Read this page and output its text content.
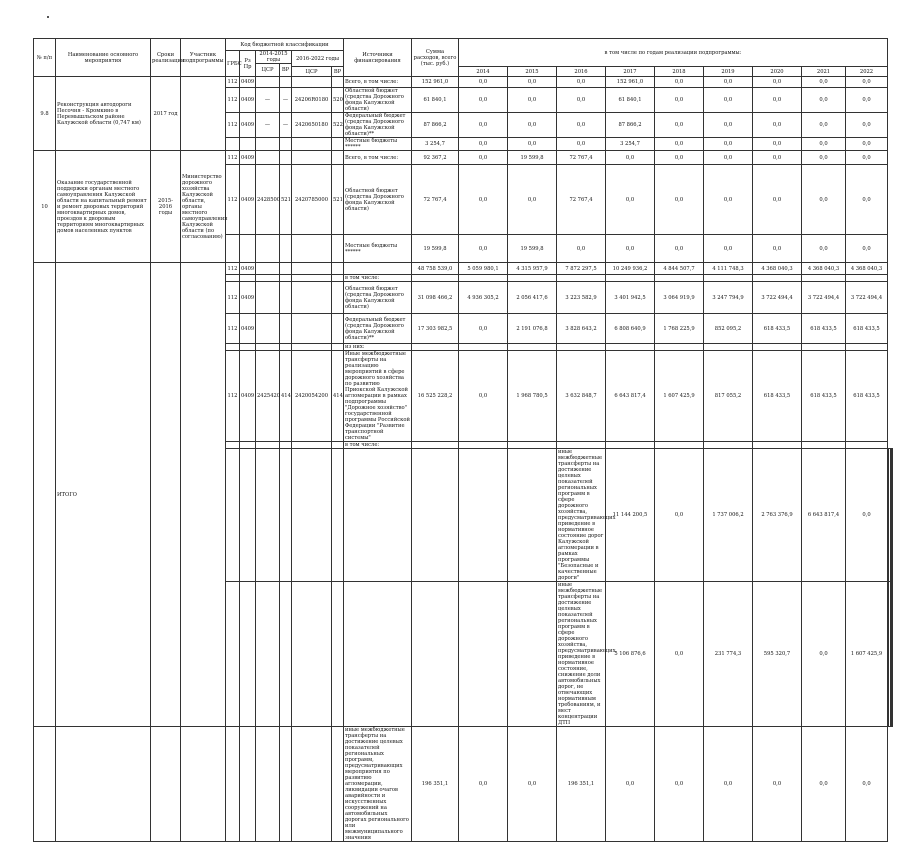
№ п/п	Наименование основного мероприятия	Сроки реализации	Участник подпрограммы	Код бюджетной классификации						Источники финансирования	Сумма расходов, всего (тыс. руб.)	в том числе по годам реализации подпрограммы:										
				ГРБС	Рз Пр	2014-2015 годы		2016-2022 годы														
						ЦСР	ВР															
								ЦСР	ВР			2014	2015	2016	2017	2018	2019	2020	2021	2022		
9.8	Реконструкция автодороги Песочня - Кромкино в Перемышльском районе Калужской области (0,747 км)	2017 год		112	0409					Всего, в том числе:	152 961,0	0,0	0,0	0,0	152 961,0	0,0	0,0	0,0	0,0	0,0		
				112	0409	—	—	24206R0180	520	Областной бюджет (средства Дорожного фонда Калужской области)	61 840,1	0,0	0,0	0,0	61 840,1	0,0	0,0	0,0	0,0	0,0		
				112	0409	—	—	2420650180	522	Федеральный бюджет (средства Дорожного фонда Калужской области)**	87 866,2	0,0	0,0	0,0	87 866,2	0,0	0,0	0,0	0,0	0,0		
										Местные бюджеты ******	3 254,7	0,0	0,0	0,0	3 254,7	0,0	0,0	0,0	0,0	0,0		
10	Оказание государственной поддержки органам местного самоуправления Калужской области на капитальный ремонт и ремонт дворовых территорий многоквартирных домов, проездов к дворовым территориям многоквартирных домов населенных пунктов	2015-2016 годы	Министерство дорожного хозяйства Калужской области, органы местного самоуправления Калужской области (по согласованию)	112	0409					Всего, в том числе:	92 367,2	0,0	19 599,8	72 767,4	0,0	0,0	0,0	0,0	0,0	0,0		
				112	0409	2428500	521	2420785000	521	Областной бюджет (средства Дорожного фонда Калужской области)	72 767,4	0,0	0,0	72 767,4	0,0	0,0	0,0	0,0	0,0	0,0		
										Местные бюджеты ******	19 599,8	0,0	19 599,8	0,0	0,0	0,0	0,0	0,0	0,0	0,0		
	ИТОГО			112	0409						48 758 539,0	5 059 980,1	4 315 957,9	7 872 297,5	10 249 936,2	4 844 507,7	4 111 748,3	4 368 040,3	4 368 040,3	4 368 040,3		
										в том числе:												
				112	0409					Областной бюджет (средства Дорожного фонда Калужской области)	31 098 466,2	4 936 305,2	2 056 417,6	3 223 582,9	3 401 942,5	3 064 919,9	3 247 794,9	3 722 494,4	3 722 494,4	3 722 494,4		
				112	0409					Федеральный бюджет (средства Дорожного фонда Калужской области)**	17 303 982,5	0,0	2 191 076,8	3 828 643,2	6 808 640,9	1 768 225,9	852 095,2	618 433,5	618 433,5	618 433,5		
										из них:												
				112	0409	2425420	414	2420054200	414	Иные межбюджетные трансферты на реализацию мероприятий в сфере дорожного хозяйства по развитию Приокской Калужской агломерации в рамках подпрограммы "Дорожное хозяйство" государственной программы Российской Федерации "Развитие транспортной системы"	16 525 228,2	0,0	1 968 780,5	3 632 848,7	6 643 817,4	1 607 425,9	817 055,2	618 433,5	618 433,5	618 433,5		
										в том числе:												
														иные межбюджетные трансферты на достижение целевых показателей региональных программ в сфере дорожного хозяйства, предусматривающих приведение в нормативное состояние дорог Калужской агломерации в рамках программы "Безопасные и качественные дороги"	11 144 200,5	0,0	1 737 006,2	2 763 376,9	6 643 817,4	0,0				
														иные межбюджетные трансферты на достижение целевых показателей региональных программ в сфере дорожного хозяйства, предусматривающих приведение в нормативное состояние, снижение доли автомобильных дорог, не отвечающих нормативным требованиям, и мест концентрации ДТП	5 106 876,6	0,0	231 774,3	595 320,7	0,0	1 607 425,9				
										иные межбюджетные трансферты на достижение целевых показателей региональных программ, предусматривающих мероприятия по развитию агломерации, ликвидации очагов аварийности и искусственных сооружений на автомобильных дорогах регионального или межмуниципального значения	196 351,1	0,0	0,0	196 351,1	0,0	0,0	0,0	0,0	0,0	0,0		
